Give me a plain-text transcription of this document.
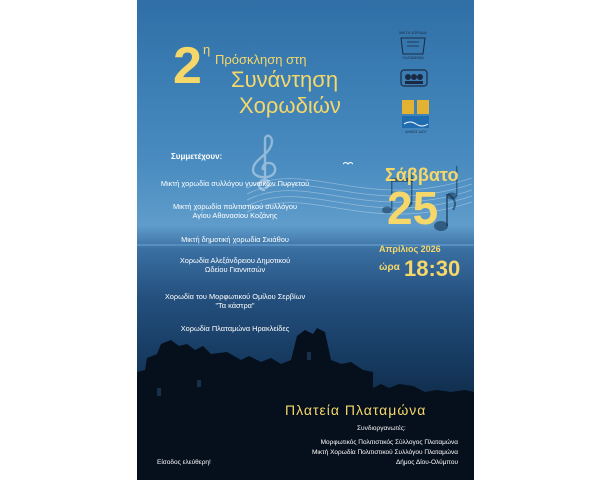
ΜΙΚΤΗ ΧΟΡΩΔΙΑ
ΠΛΑΤΑΜΩΝΑ
ΔΗΜΟΣ ΔΙΟΥ
2 η
Πρόσκληση στη
Συνάντηση
Χορωδιών
Συμμετέχουν:
Μικτή χορωδία συλλόγου γυναικών Πυργετού
Μικτή χορωδία πολιτιστικού συλλόγου
Αγίου Αθανασίου Κοζάνης
Μικτή δημοτική χορωδία Σκιάθου
Χορωδία Αλεξάνδρειου Δημοτικού
Ωδείου Γιαννιτσών
Χορωδία του Μορφωτικού Ομίλου Σερβίων
"Τα κάστρα"
Χορωδία Πλαταμώνα Ηρακλείδες
Σάββατο
25
Απρίλιος 2026
ώρα 18:30
Πλατεία Πλαταμώνα
Συνδιοργανωτές:
Μορφωτικός Πολιτιστικός Σύλλογος Πλαταμώνα
Μικτή Χορωδία Πολιτιστικού Συλλόγου Πλαταμώνα
Δήμος Δίου-Ολύμπου
Είσοδος ελεύθερη!
